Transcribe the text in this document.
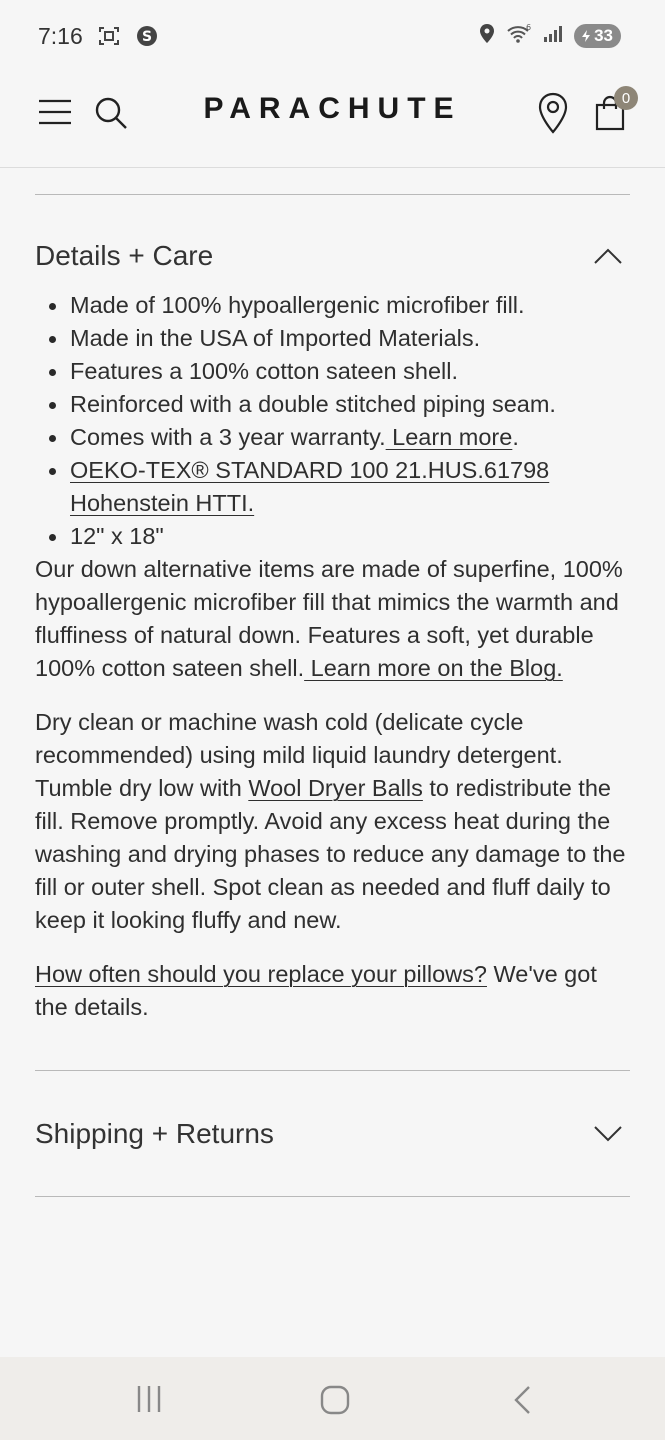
7:16	S
6	33
PARACHUTE	0
Details + Care
Made of 100% hypoallergenic microfiber fill.
Made in the USA of Imported Materials.
Features a 100% cotton sateen shell.
Reinforced with a double stitched piping seam.
Comes with a 3 year warranty. Learn more.
OEKO-TEX® STANDARD 100 21.HUS.61798 Hohenstein HTTI.
12" x 18"

Our down alternative items are made of superfine, 100% hypoallergenic microfiber fill that mimics the warmth and fluffiness of natural down. Features a soft, yet durable 100% cotton sateen shell. Learn more on the Blog.

Dry clean or machine wash cold (delicate cycle recommended) using mild liquid laundry detergent. Tumble dry low with Wool Dryer Balls to redistribute the fill. Remove promptly. Avoid any excess heat during the washing and drying phases to reduce any damage to the fill or outer shell. Spot clean as needed and fluff daily to keep it looking fluffy and new.

How often should you replace your pillows? We've got the details.

Shipping + Returns
